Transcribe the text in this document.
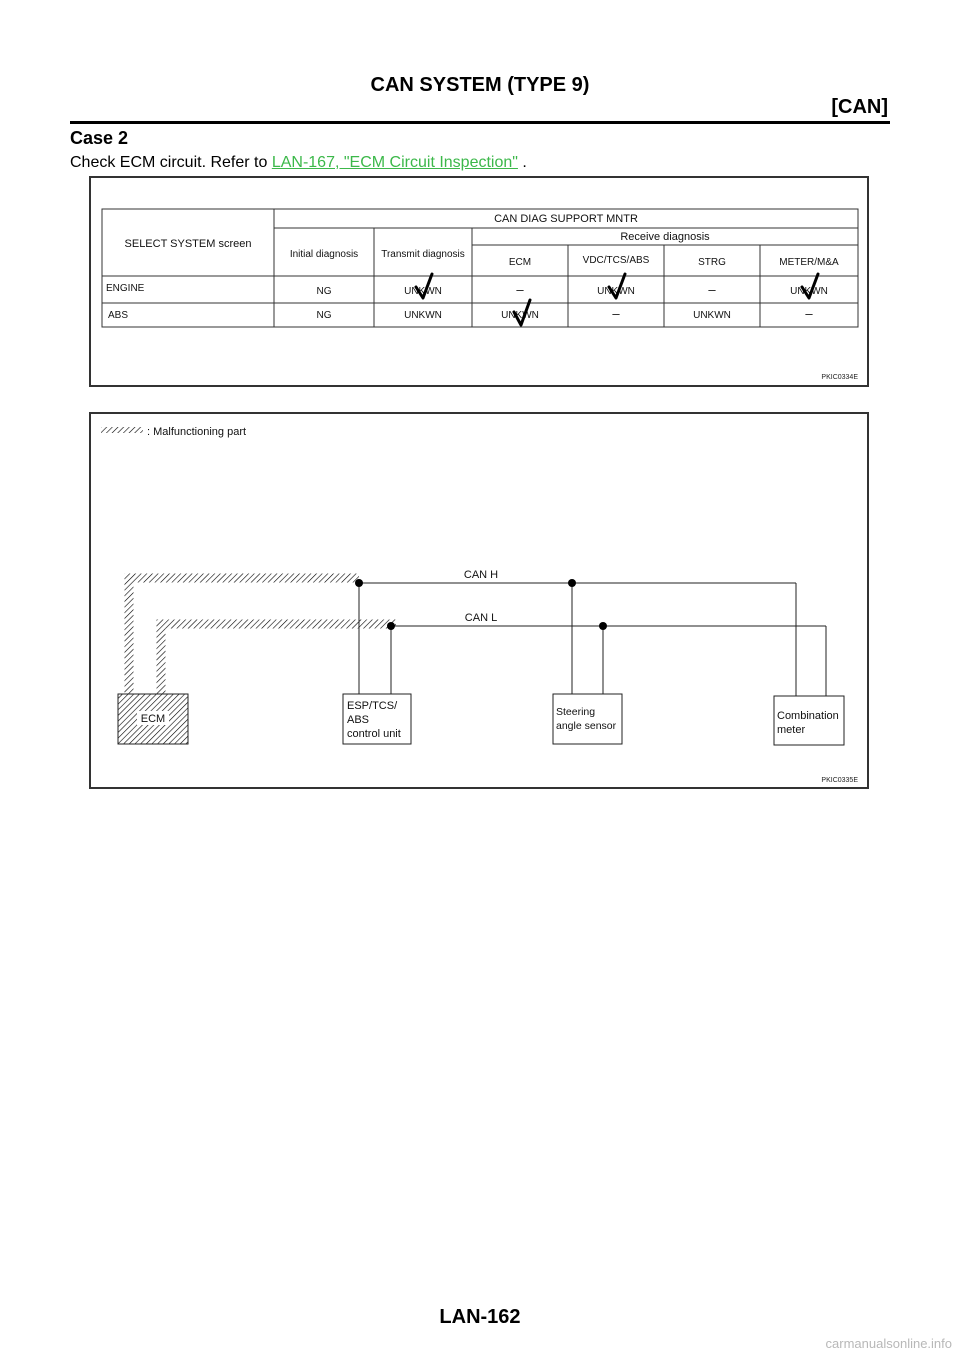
CAN SYSTEM (TYPE 9)
[CAN]
Case 2
Check ECM circuit. Refer to LAN-167, "ECM Circuit Inspection" .
SELECT SYSTEM screen
CAN DIAG SUPPORT MNTR
Receive diagnosis
Initial diagnosis Transmit diagnosis
ECM	VDC/TCS/ABS	STRG	METER/M&A
ENGINE	NG	UNKWN	–	UNKWN	–	UNKWN
ABS	NG	UNKWN	UNKWN	–	UNKWN	–
PKIC0334E
: Malfunctioning part
CAN H
CAN L
ECM
ESP/TCS/
ABS
control unit
Steering
angle sensor
Combination
meter
PKIC0335E
LAN-162
carmanualsonline.info
